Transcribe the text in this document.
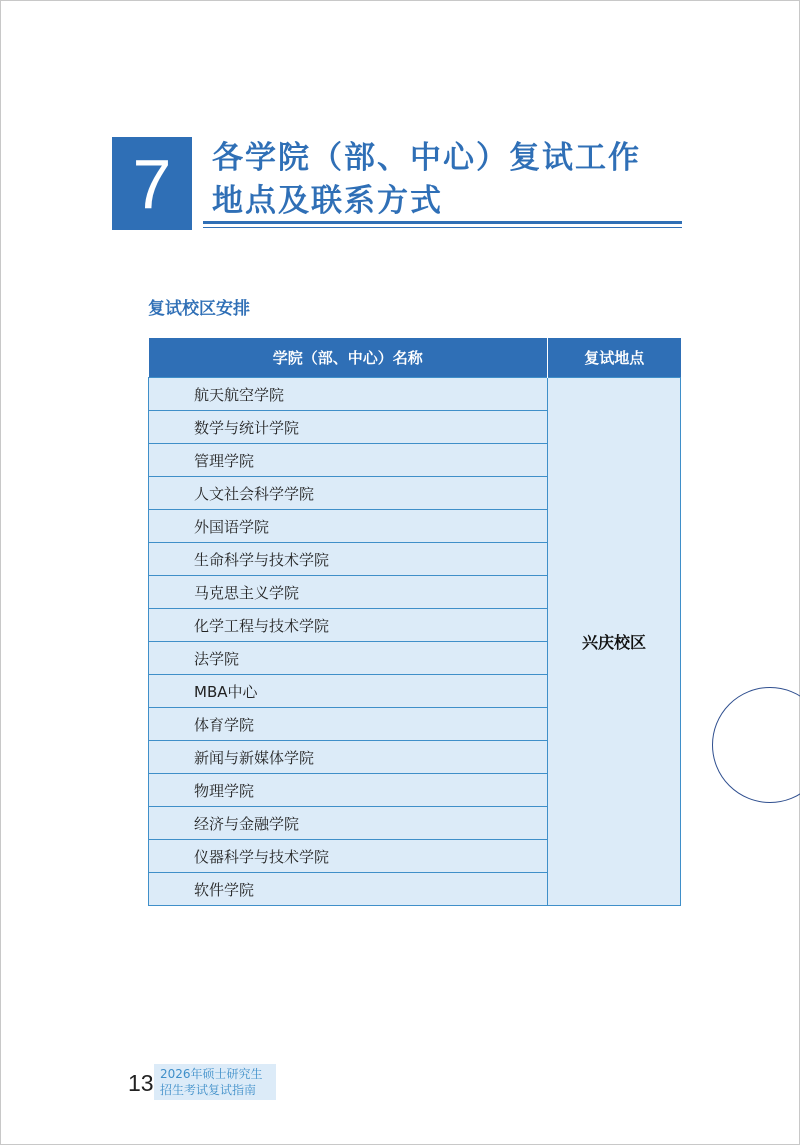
7 各学院（部、中心）复试工作
地点及联系方式
复试校区安排
学院（部、中心）名称	复试地点
航天航空学院	兴庆校区
数学与统计学院	
管理学院	
人文社会科学学院	
外国语学院	
生命科学与技术学院	
马克思主义学院	
化学工程与技术学院	
法学院	
MBA中心	
体育学院	
新闻与新媒体学院	
物理学院	
经济与金融学院	
仪器科学与技术学院	
软件学院	
13 2026年硕士研究生
招生考试复试指南
